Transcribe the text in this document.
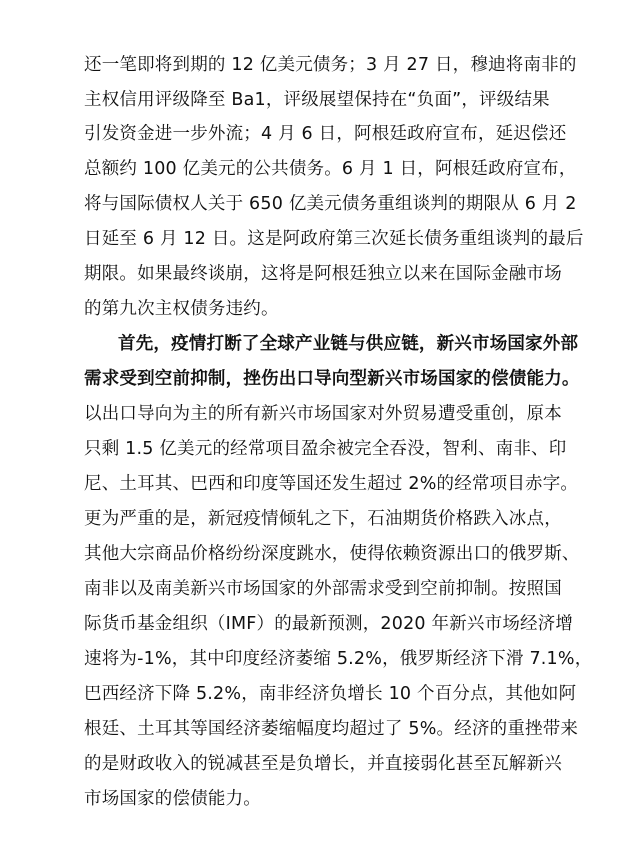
还一笔即将到期的 12 亿美元债务；3 月 27 日，穆迪将南非的
主权信用评级降至 Ba1，评级展望保持在“负面”，评级结果
引发资金进一步外流；4 月 6 日，阿根廷政府宣布，延迟偿还
总额约 100 亿美元的公共债务。6 月 1 日，阿根廷政府宣布，
将与国际债权人关于 650 亿美元债务重组谈判的期限从 6 月 2
日延至 6 月 12 日。这是阿政府第三次延长债务重组谈判的最后
期限。如果最终谈崩，这将是阿根廷独立以来在国际金融市场
的第九次主权债务违约。
首先，疫情打断了全球产业链与供应链，新兴市场国家外部
需求受到空前抑制，挫伤出口导向型新兴市场国家的偿债能力。
以出口导向为主的所有新兴市场国家对外贸易遭受重创，原本
只剩 1.5 亿美元的经常项目盈余被完全吞没，智利、南非、印
尼、土耳其、巴西和印度等国还发生超过 2%的经常项目赤字。
更为严重的是，新冠疫情倾轧之下，石油期货价格跌入冰点，
其他大宗商品价格纷纷深度跳水，使得依赖资源出口的俄罗斯、
南非以及南美新兴市场国家的外部需求受到空前抑制。按照国
际货币基金组织（IMF）的最新预测，2020 年新兴市场经济增
速将为-1%，其中印度经济萎缩 5.2%，俄罗斯经济下滑 7.1%，
巴西经济下降 5.2%，南非经济负增长 10 个百分点，其他如阿
根廷、土耳其等国经济萎缩幅度均超过了 5%。经济的重挫带来
的是财政收入的锐减甚至是负增长，并直接弱化甚至瓦解新兴
市场国家的偿债能力。
